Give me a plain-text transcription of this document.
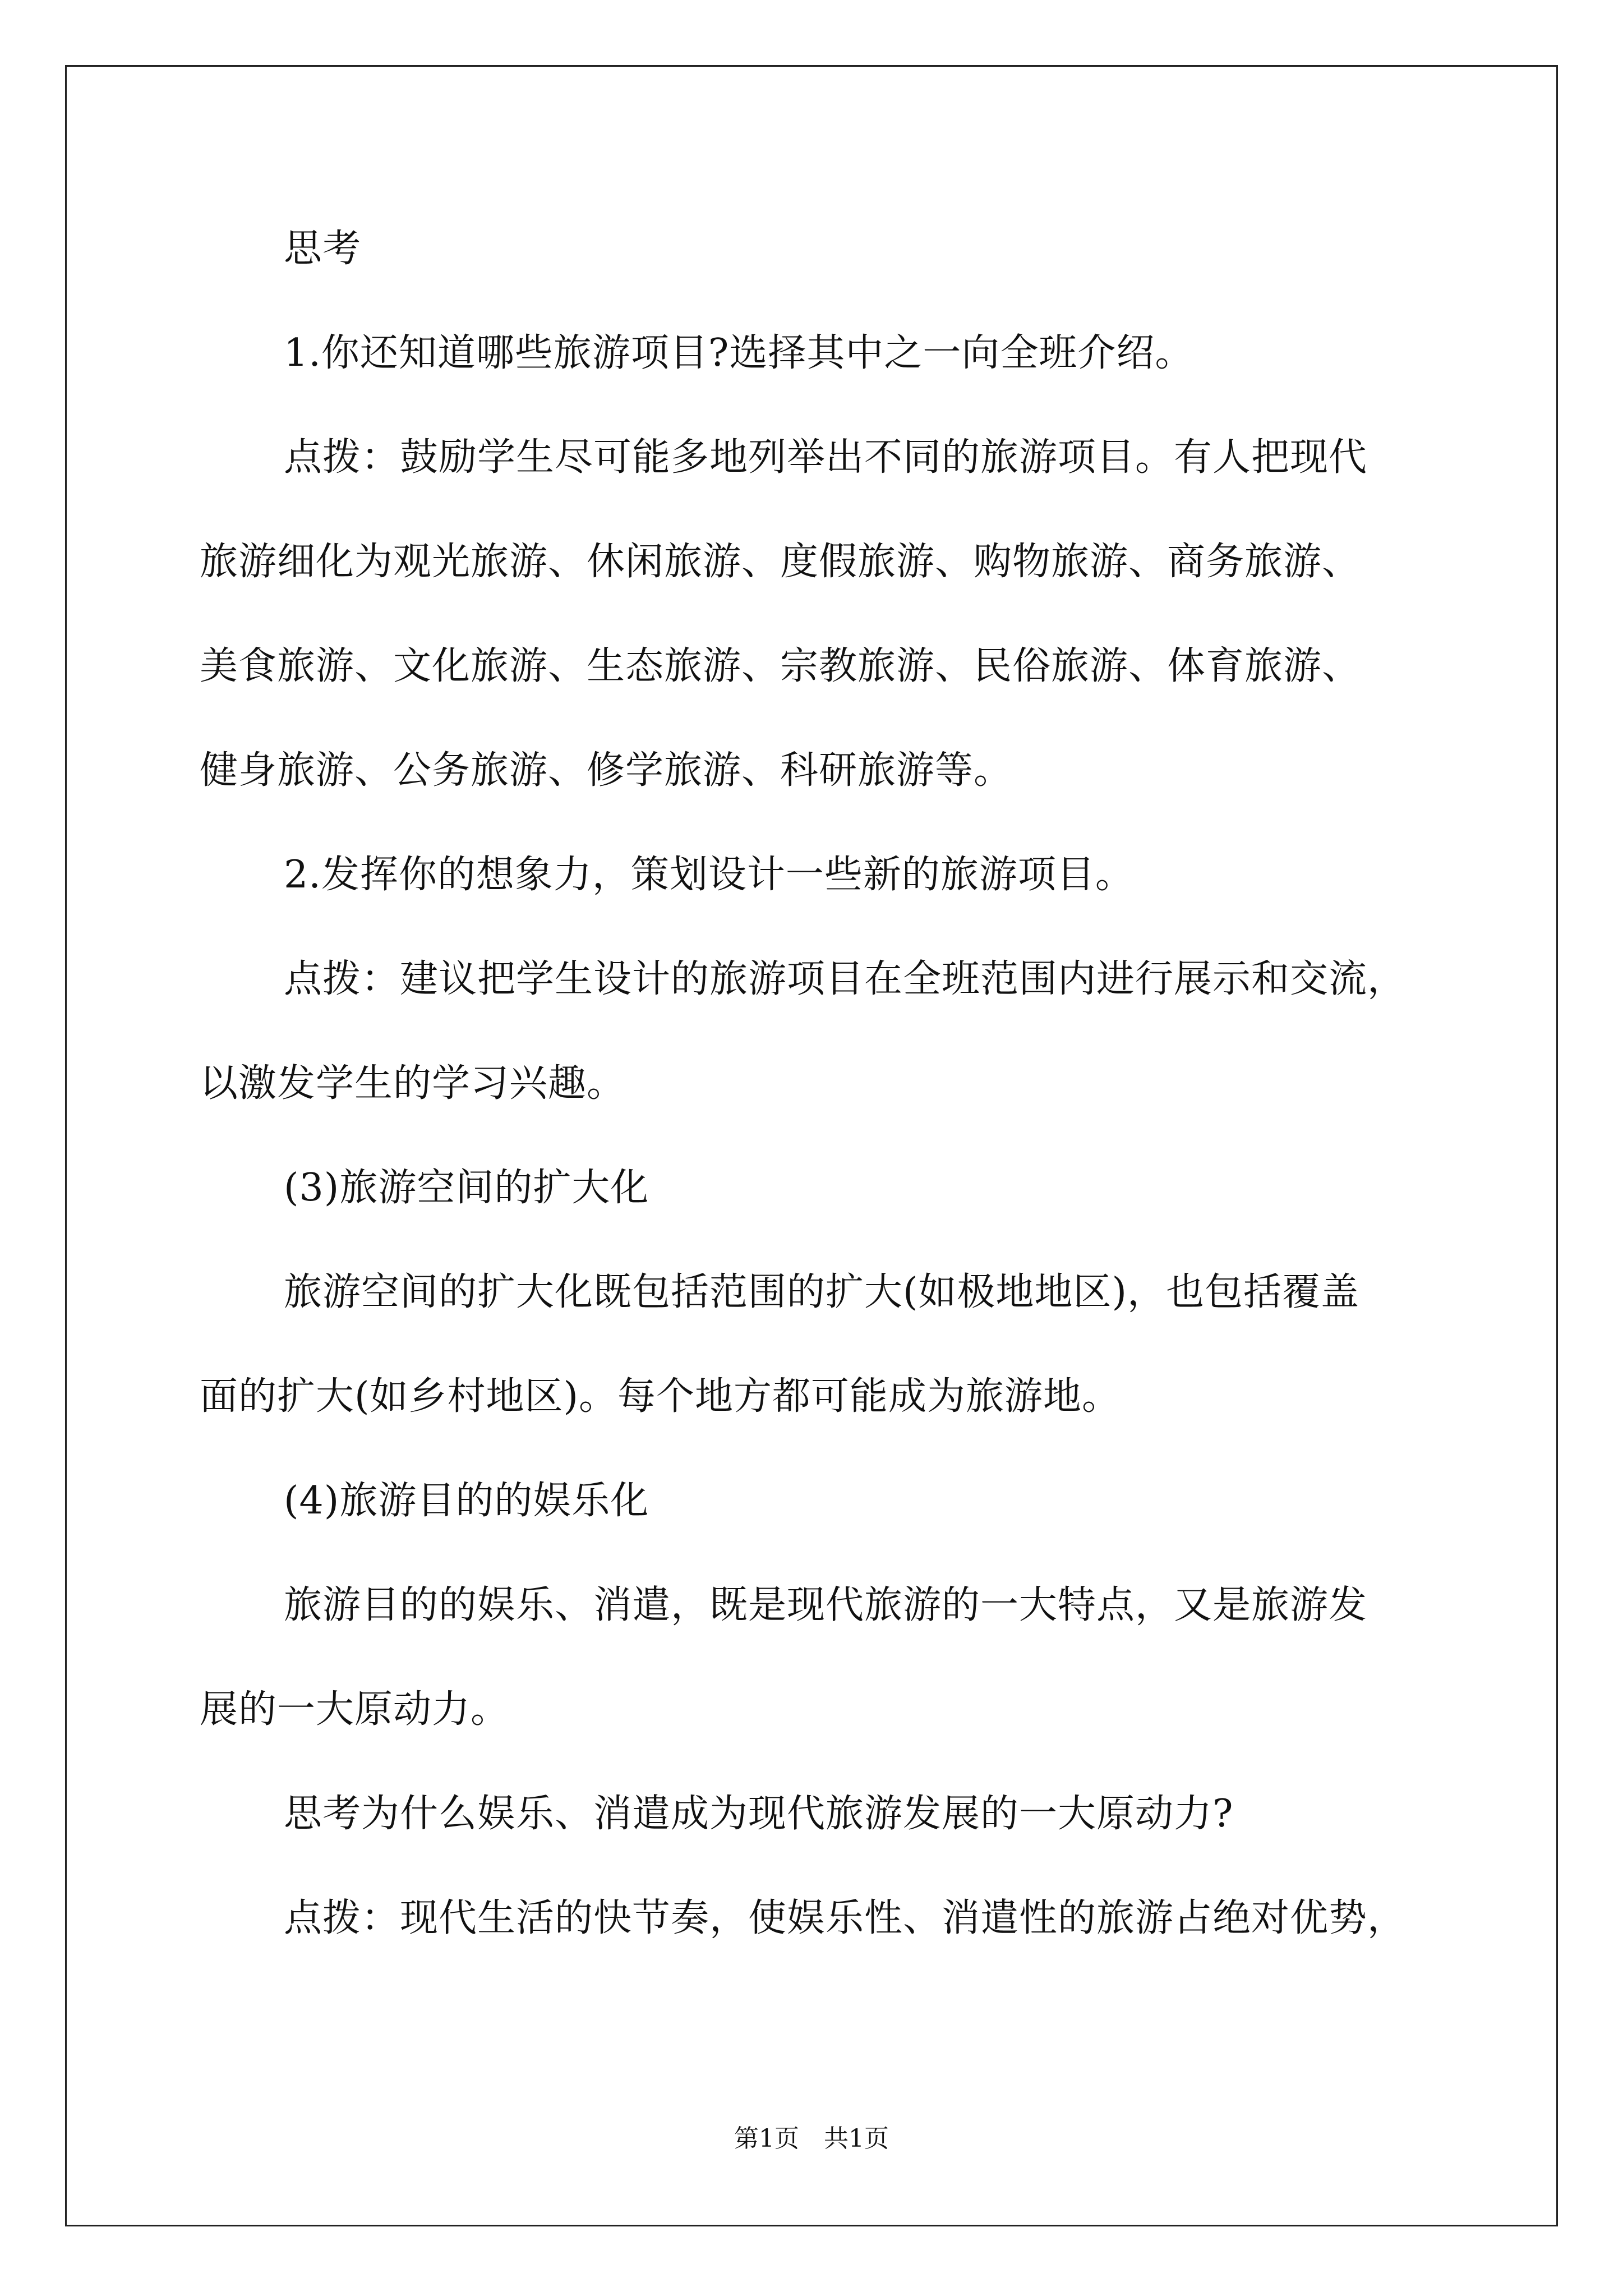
思考
1.你还知道哪些旅游项目?选择其中之一向全班介绍。
点拨：鼓励学生尽可能多地列举出不同的旅游项目。有人把现代
旅游细化为观光旅游、休闲旅游、度假旅游、购物旅游、商务旅游、
美食旅游、文化旅游、生态旅游、宗教旅游、民俗旅游、体育旅游、
健身旅游、公务旅游、修学旅游、科研旅游等。
2.发挥你的想象力，策划设计一些新的旅游项目。
点拨：建议把学生设计的旅游项目在全班范围内进行展示和交流，
以激发学生的学习兴趣。
(3)旅游空间的扩大化
旅游空间的扩大化既包括范围的扩大(如极地地区)，也包括覆盖
面的扩大(如乡村地区)。每个地方都可能成为旅游地。
(4)旅游目的的娱乐化
旅游目的的娱乐、消遣，既是现代旅游的一大特点，又是旅游发
展的一大原动力。
思考为什么娱乐、消遣成为现代旅游发展的一大原动力?
点拨：现代生活的快节奏，使娱乐性、消遣性的旅游占绝对优势，
第1页　共1页
